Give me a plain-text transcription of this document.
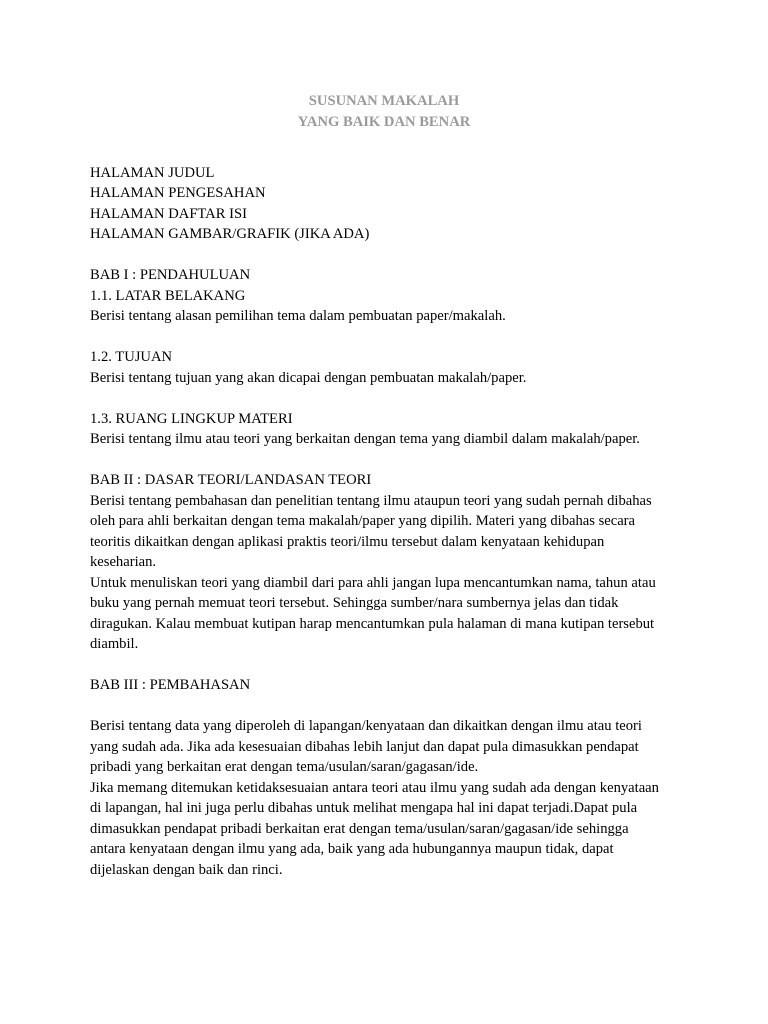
SUSUNAN MAKALAH

YANG BAIK DAN BENAR

HALAMAN JUDUL

HALAMAN PENGESAHAN

HALAMAN DAFTAR ISI

HALAMAN GAMBAR/GRAFIK (JIKA ADA)

BAB I : PENDAHULUAN

1.1. LATAR BELAKANG

Berisi tentang alasan pemilihan tema dalam pembuatan paper/makalah.

1.2. TUJUAN

Berisi tentang tujuan yang akan dicapai dengan pembuatan makalah/paper.

1.3. RUANG LINGKUP MATERI

Berisi tentang ilmu atau teori yang berkaitan dengan tema yang diambil dalam makalah/paper.

BAB II : DASAR TEORI/LANDASAN TEORI

Berisi tentang pembahasan dan penelitian tentang ilmu ataupun teori yang sudah pernah dibahas

oleh para ahli berkaitan dengan tema makalah/paper yang dipilih. Materi yang dibahas secara

teoritis dikaitkan dengan aplikasi praktis teori/ilmu tersebut dalam kenyataan kehidupan

keseharian.

Untuk menuliskan teori yang diambil dari para ahli jangan lupa mencantumkan nama, tahun atau

buku yang pernah memuat teori tersebut. Sehingga sumber/nara sumbernya jelas dan tidak

diragukan. Kalau membuat kutipan harap mencantumkan pula halaman di mana kutipan tersebut

diambil.

BAB III : PEMBAHASAN

Berisi tentang data yang diperoleh di lapangan/kenyataan dan dikaitkan dengan ilmu atau teori

yang sudah ada. Jika ada kesesuaian dibahas lebih lanjut dan dapat pula dimasukkan pendapat

pribadi yang berkaitan erat dengan tema/usulan/saran/gagasan/ide.

Jika memang ditemukan ketidaksesuaian antara teori atau ilmu yang sudah ada dengan kenyataan

di lapangan, hal ini juga perlu dibahas untuk melihat mengapa hal ini dapat terjadi.Dapat pula

dimasukkan pendapat pribadi berkaitan erat dengan tema/usulan/saran/gagasan/ide sehingga

antara kenyataan dengan ilmu yang ada, baik yang ada hubungannya maupun tidak, dapat

dijelaskan dengan baik dan rinci.
